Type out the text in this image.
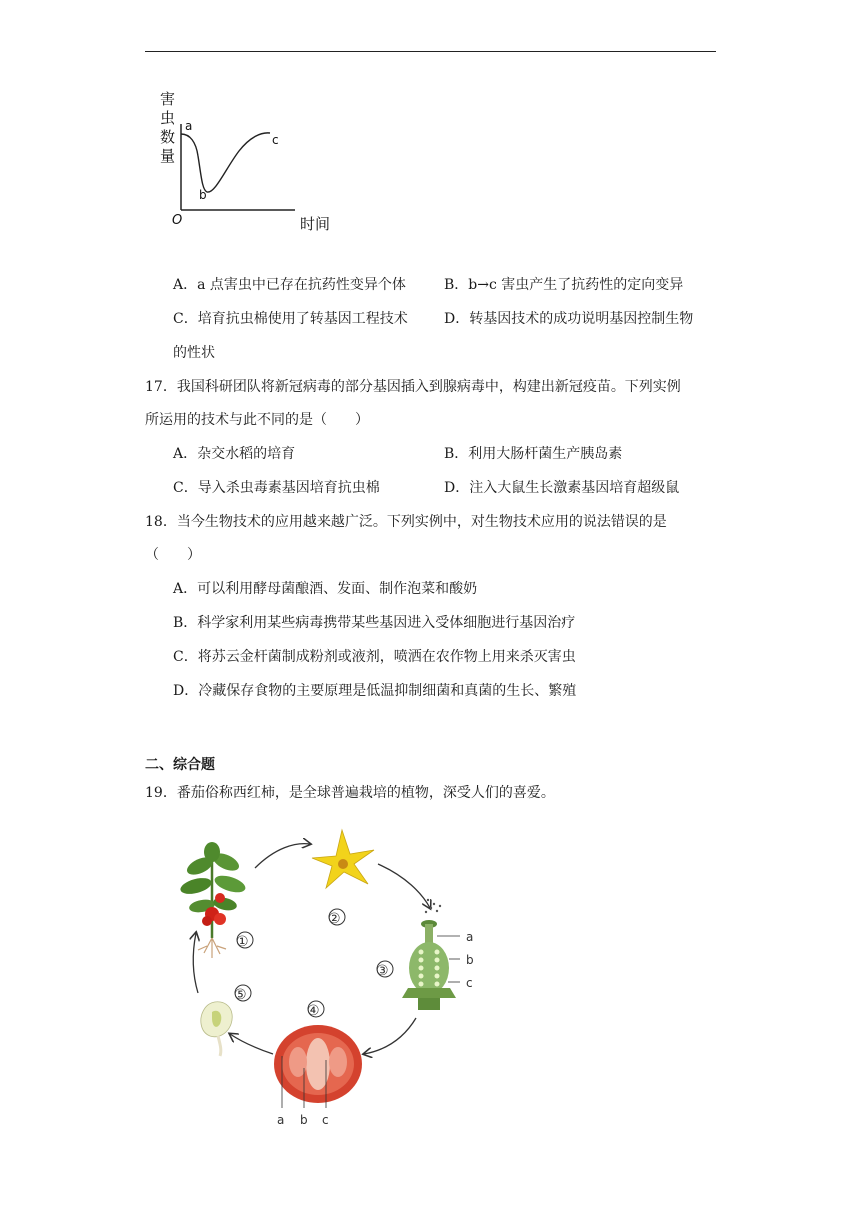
害
虫
数
量
a
b
c
O	时间
A．a 点害虫中已存在抗药性变异个体	B．b→c 害虫产生了抗药性的定向变异
C．培育抗虫棉使用了转基因工程技术	D．转基因技术的成功说明基因控制生物
的性状
17．我国科研团队将新冠病毒的部分基因插入到腺病毒中，构建出新冠疫苗。下列实例
所运用的技术与此不同的是（　　）
A．杂交水稻的培育	B．利用大肠杆菌生产胰岛素
C．导入杀虫毒素基因培育抗虫棉	D．注入大鼠生长激素基因培育超级鼠
18．当今生物技术的应用越来越广泛。下列实例中，对生物技术应用的说法错误的是
（　　）
A．可以利用酵母菌酿酒、发面、制作泡菜和酸奶
B．科学家利用某些病毒携带某些基因进入受体细胞进行基因治疗
C．将苏云金杆菌制成粉剂或液剂，喷洒在农作物上用来杀灭害虫
D．冷藏保存食物的主要原理是低温抑制细菌和真菌的生长、繁殖
二、综合题
19．番茄俗称西红柿，是全球普遍栽培的植物，深受人们的喜爱。
①
②
a
b
c
③
④
a b c
⑤
